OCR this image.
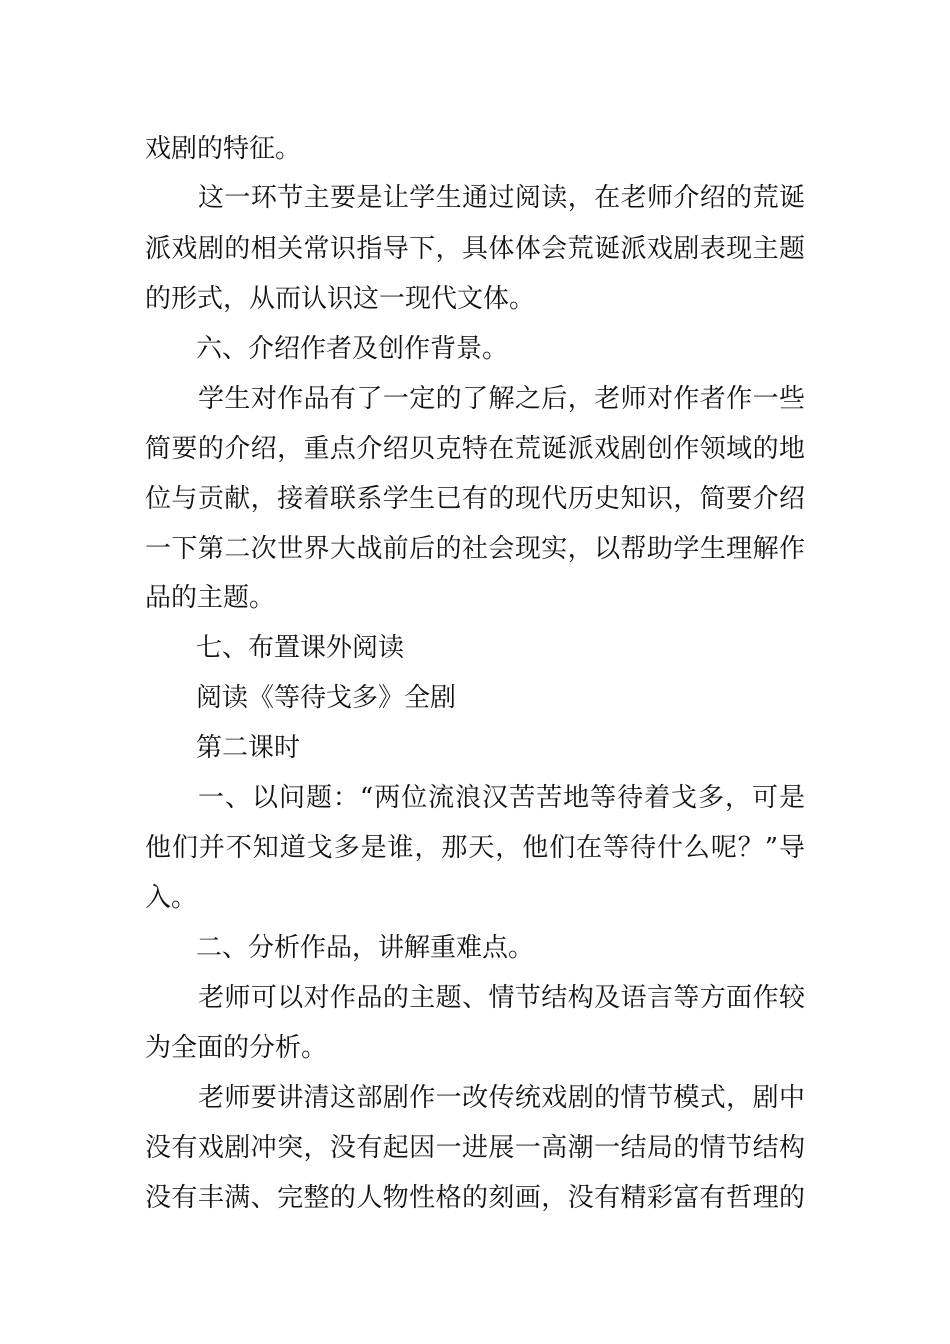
戏剧的特征。
这一环节主要是让学生通过阅读，在老师介绍的荒诞
派戏剧的相关常识指导下，具体体会荒诞派戏剧表现主题
的形式，从而认识这一现代文体。
六、介绍作者及创作背景。
学生对作品有了一定的了解之后，老师对作者作一些
简要的介绍，重点介绍贝克特在荒诞派戏剧创作领域的地
位与贡献，接着联系学生已有的现代历史知识，简要介绍
一下第二次世界大战前后的社会现实，以帮助学生理解作
品的主题。
七、布置课外阅读
阅读《等待戈多》全剧
第二课时
一、以问题：“两位流浪汉苦苦地等待着戈多，可是
他们并不知道戈多是谁，那天，他们在等待什么呢？”导
入。
二、分析作品，讲解重难点。
老师可以对作品的主题、情节结构及语言等方面作较
为全面的分析。
老师要讲清这部剧作一改传统戏剧的情节模式，剧中
没有戏剧冲突，没有起因一进展一高潮一结局的情节结构
没有丰满、完整的人物性格的刻画，没有精彩富有哲理的
